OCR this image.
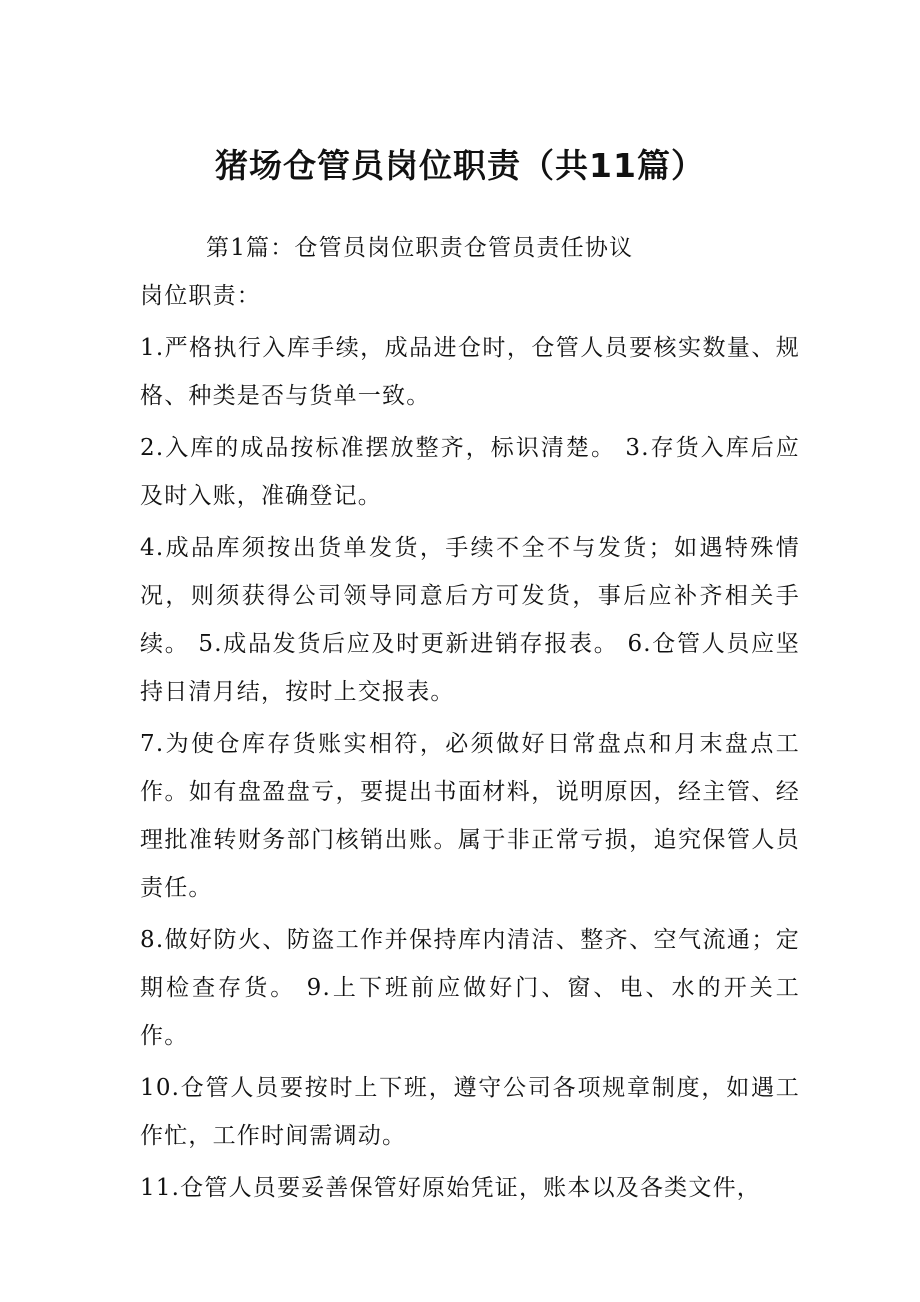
猪场仓管员岗位职责（共11篇）
第1篇：仓管员岗位职责仓管员责任协议
岗位职责：

1.严格执行入库手续，成品进仓时，仓管人员要核实数量、规格、种类是否与货单一致。

2.入库的成品按标准摆放整齐，标识清楚。 3.存货入库后应及时入账，准确登记。

4.成品库须按出货单发货，手续不全不与发货；如遇特殊情况，则须获得公司领导同意后方可发货，事后应补齐相关手续。 5.成品发货后应及时更新进销存报表。 6.仓管人员应坚持日清月结，按时上交报表。

7.为使仓库存货账实相符，必须做好日常盘点和月末盘点工作。如有盘盈盘亏，要提出书面材料，说明原因，经主管、经理批准转财务部门核销出账。属于非正常亏损，追究保管人员责任。

8.做好防火、防盗工作并保持库内清洁、整齐、空气流通；定期检查存货。 9.上下班前应做好门、窗、电、水的开关工作。

10.仓管人员要按时上下班，遵守公司各项规章制度，如遇工作忙，工作时间需调动。

11.仓管人员要妥善保管好原始凭证，账本以及各类文件，
